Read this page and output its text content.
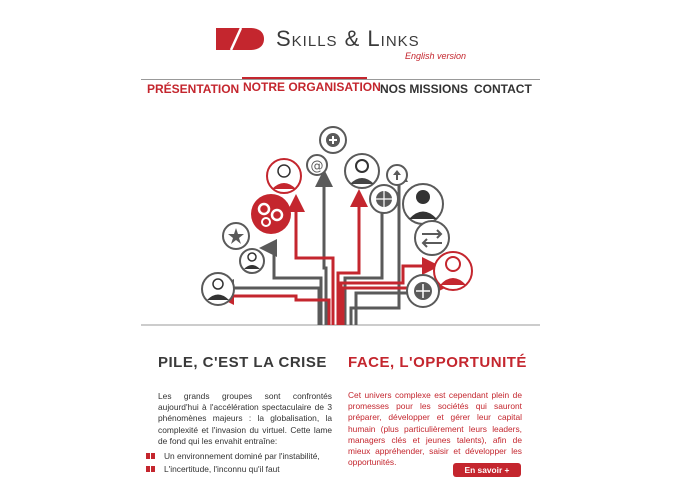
Skills & Links
English version
PRÉSENTATION NOTRE ORGANISATION NOS MISSIONS CONTACT
@
PILE, C'EST LA CRISE
Les grands groupes sont confrontés aujourd'hui à l'accélération spectaculaire de 3 phénomènes majeurs : la globalisation, la complexité et l'invasion du virtuel. Cette lame de fond qui les envahit entraîne:
Un environnement dominé par l'instabilité,
L'incertitude, l'inconnu qu'il faut
FACE, L'OPPORTUNITÉ
Cet univers complexe est cependant plein de promesses pour les sociétés qui sauront préparer, développer et gérer leur capital humain (plus particulièrement leurs leaders, managers clés et jeunes talents), afin de mieux appréhender, saisir et développer les opportunités.
En savoir +
